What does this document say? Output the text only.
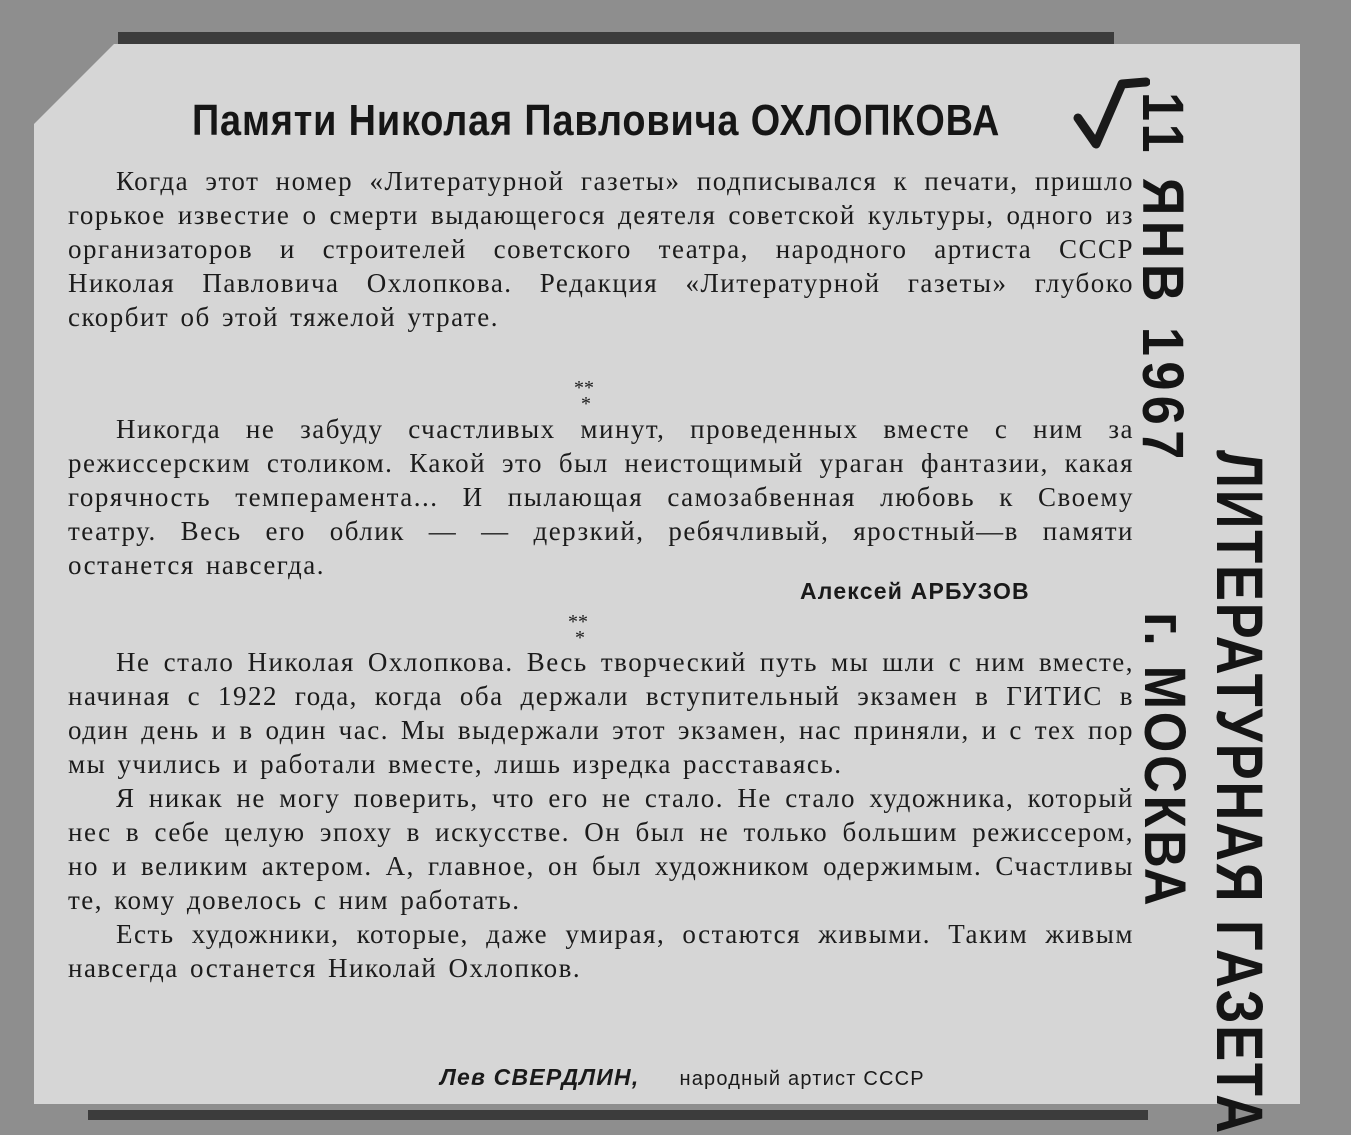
Памяти Николая Павловича ОХЛОПКОВА

Когда этот номер «Литературной газеты» подписывался к печати, пришло горькое известие о смерти выдающегося деятеля советской культуры, одного из организаторов и строителей советского театра, народного артиста СССР Николая Павловича Охлопкова. Редакция «Литературной газеты» глубоко скорбит об этой тяжелой утрате.

**
*

Никогда не забуду счастливых минут, проведенных вместе с ним за режиссерским столиком. Какой это был неистощимый ураган фантазии, какая горячность темперамента... И пылающая самозабвенная любовь к Своему театру. Весь его облик — — дерзкий, ребячливый, яростный—в памяти останется навсегда.

Алексей АРБУЗОВ
**
*

Не стало Николая Охлопкова. Весь творческий путь мы шли с ним вместе, начиная с 1922 года, когда оба держали вступительный экзамен в ГИТИС в один день и в один час. Мы выдержали этот экзамен, нас приняли, и с тех пор мы учились и работали вместе, лишь изредка расставаясь.

Я никак не могу поверить, что его не стало. Не стало художника, который нес в себе целую эпоху в искусстве. Он был не только большим режиссером, но и великим актером. А, главное, он был художником одержимым. Счастливы те, кому довелось с ним работать.

Есть художники, которые, даже умирая, остаются живыми. Таким живым навсегда останется Николай Охлопков.

Лев СВЕРДЛИН, народный артист СССР
11 ЯНВ 1967
ЛИТЕРАТУРНАЯ ГАЗЕТА
г. МОСКВА
